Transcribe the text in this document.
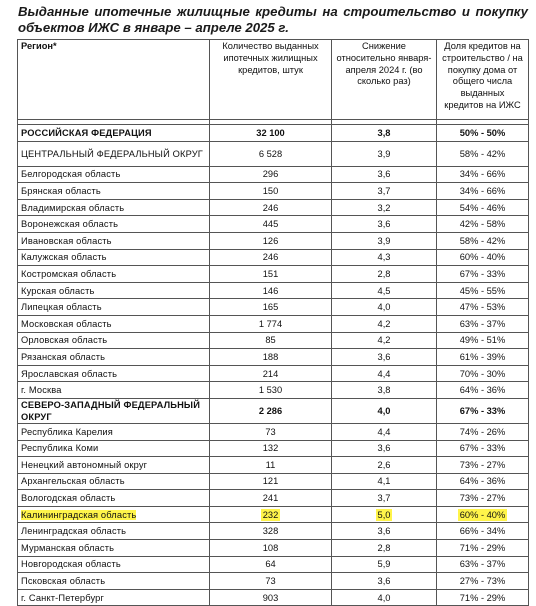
Выданные ипотечные жилищные кредиты на строительство и покупку объектов ИЖС в январе – апреле 2025 г.
Регион*	Количество выданных ипотечных жилищных кредитов, штук	Снижение относительно января-апреля 2024 г. (во сколько раз)	Доля кредитов на строительство / на покупку дома от общего числа выданных кредитов на ИЖС

РОССИЙСКАЯ ФЕДЕРАЦИЯ	32 100	3,8	50% - 50%
ЦЕНТРАЛЬНЫЙ ФЕДЕРАЛЬНЫЙ ОКРУГ	6 528	3,9	58% - 42%
Белгородская область	296	3,6	34% - 66%
Брянская область	150	3,7	34% - 66%
Владимирская область	246	3,2	54% - 46%
Воронежская область	445	3,6	42% - 58%
Ивановская область	126	3,9	58% - 42%
Калужская область	246	4,3	60% - 40%
Костромская область	151	2,8	67% - 33%
Курская область	146	4,5	45% - 55%
Липецкая область	165	4,0	47% - 53%
Московская область	1 774	4,2	63% - 37%
Орловская область	85	4,2	49% - 51%
Рязанская область	188	3,6	61% - 39%
Ярославская область	214	4,4	70% - 30%
г. Москва	1 530	3,8	64% - 36%
СЕВЕРО-ЗАПАДНЫЙ ФЕДЕРАЛЬНЫЙ ОКРУГ	2 286	4,0	67% - 33%
Республика Карелия	73	4,4	74% - 26%
Республика Коми	132	3,6	67% - 33%
Ненецкий автономный округ	11	2,6	73% - 27%
Архангельская область	121	4,1	64% - 36%
Вологодская область	241	3,7	73% - 27%
Калининградская область	232	5,0	60% - 40%
Ленинградская область	328	3,6	66% - 34%
Мурманская область	108	2,8	71% - 29%
Новгородская область	64	5,9	63% - 37%
Псковская область	73	3,6	27% - 73%
г. Санкт-Петербург	903	4,0	71% - 29%
